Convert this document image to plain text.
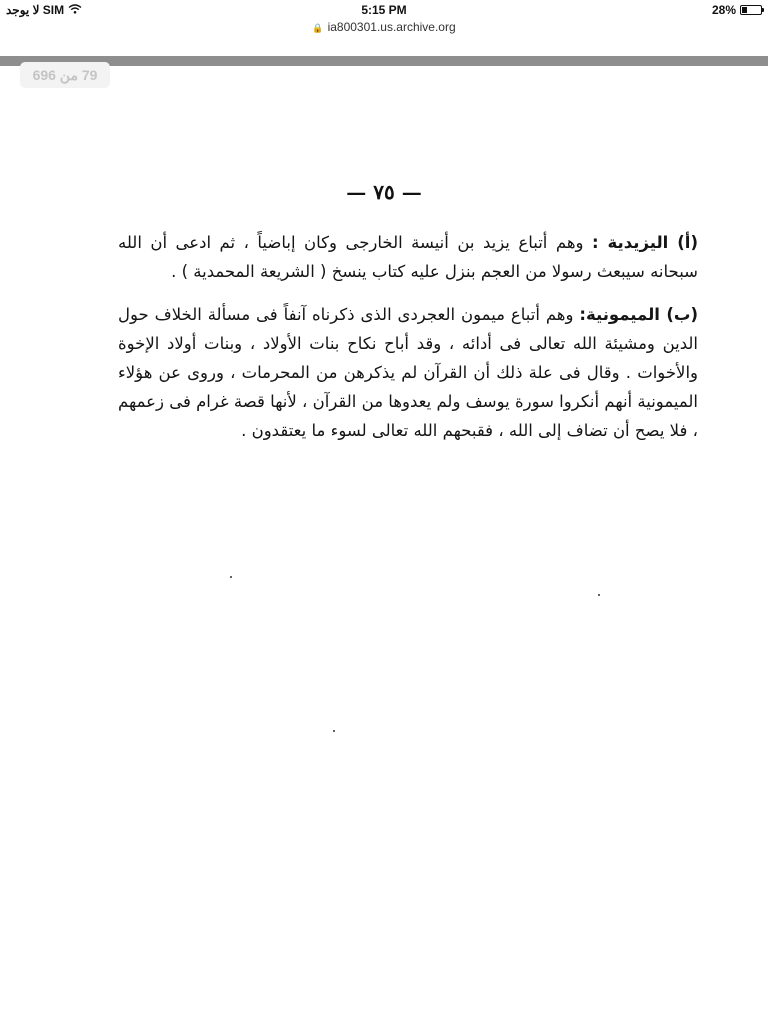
لا يوجد SIM	5:15 PM	28%
🔒 ia800301.us.archive.org
79 من 696
— ٧٥ —

(أ) اليزيدية : وهم أتباع يزيد بن أنيسة الخارجى وكان إباضياً ، ثم ادعى أن الله سبحانه سيبعث رسولا من العجم بنزل عليه كتاب ينسخ ( الشريعة المحمدية ) .

(ب) الميمونية: وهم أتباع ميمون العجردى الذى ذكرناه آنفاً فى مسألة الخلاف حول الدين ومشيئة الله تعالى فى أدائه ، وقد أباح نكاح بنات الأولاد ، وبنات أولاد الإخوة والأخوات . وقال فى علة ذلك أن القرآن لم يذكرهن من المحرمات ، وروى عن هؤلاء الميمونية أنهم أنكروا سورة يوسف ولم يعدوها من القرآن ، لأنها قصة غرام فى زعمهم ، فلا يصح أن تضاف إلى الله ، فقبحهم الله تعالى لسوء ما يعتقدون .
